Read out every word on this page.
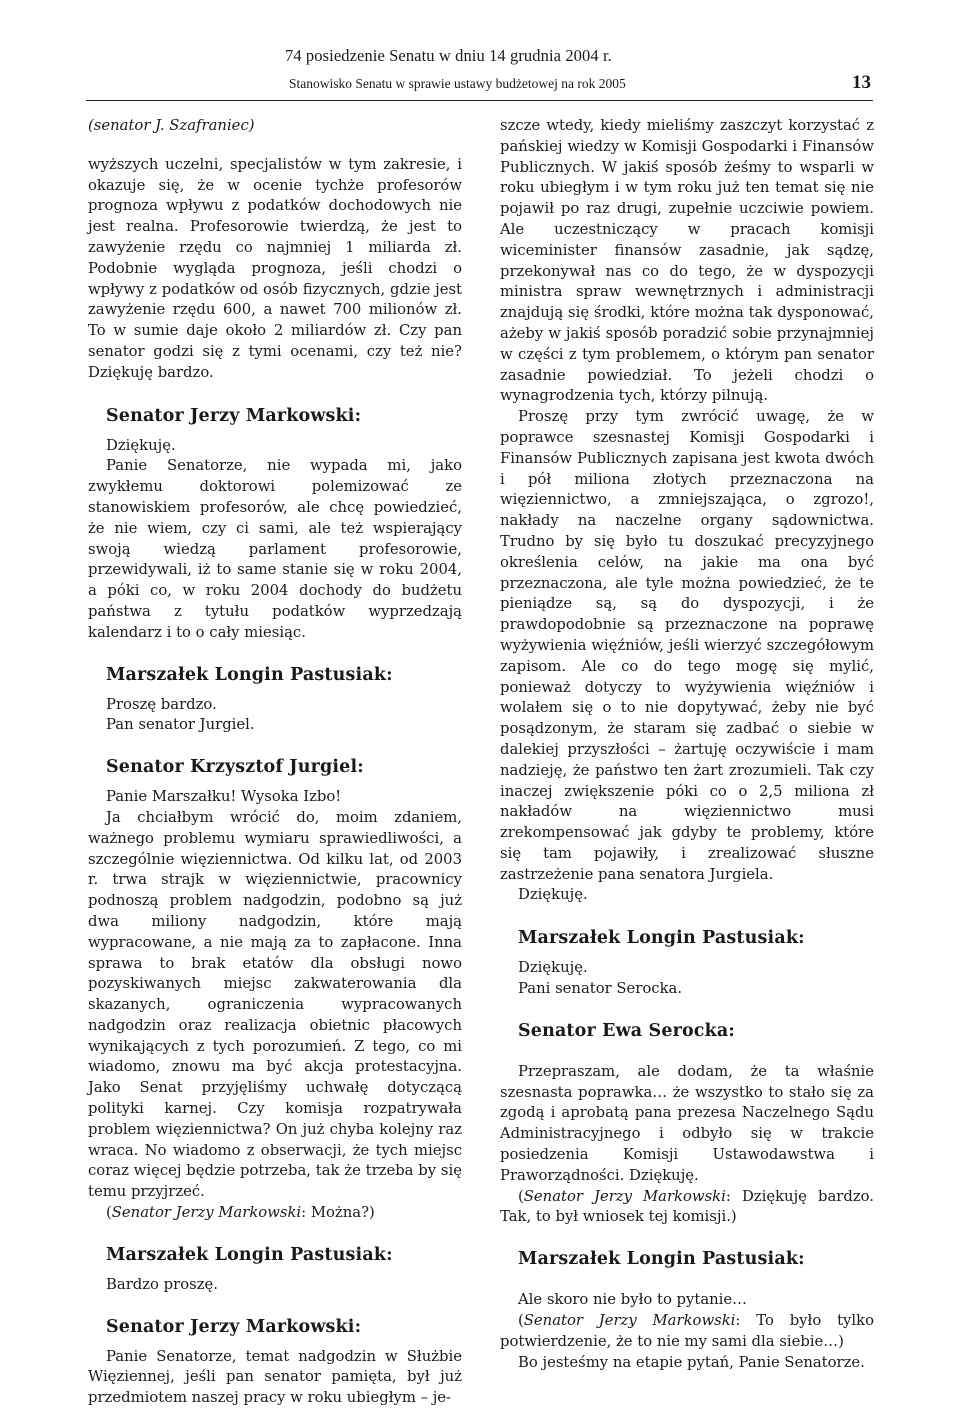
74 posiedzenie Senatu w dniu 14 grudnia 2004 r.
Stanowisko Senatu w sprawie ustawy budżetowej na rok 2005	13

(senator J. Szafraniec)

wyższych uczelni, specjalistów w tym zakresie, i okazuje się, że w ocenie tychże profesorów prognoza wpływu z podatków dochodowych nie jest realna. Profesorowie twierdzą, że jest to zawyżenie rzędu co najmniej 1 miliarda zł. Podobnie wygląda prognoza, jeśli chodzi o wpływy z podatków od osób fizycznych, gdzie jest zawyżenie rzędu 600, a nawet 700 milionów zł. To w sumie daje około 2 miliardów zł. Czy pan senator godzi się z tymi ocenami, czy też nie? Dziękuję bardzo.

Senator Jerzy Markowski:

Dziękuję.

Panie Senatorze, nie wypada mi, jako zwykłemu doktorowi polemizować ze stanowiskiem profesorów, ale chcę powiedzieć, że nie wiem, czy ci sami, ale też wspierający swoją wiedzą parlament profesorowie, przewidywali, iż to same stanie się w roku 2004, a póki co, w roku 2004 dochody do budżetu państwa z tytułu podatków wyprzedzają kalendarz i to o cały miesiąc.

Marszałek Longin Pastusiak:

Proszę bardzo.

Pan senator Jurgiel.

Senator Krzysztof Jurgiel:

Panie Marszałku! Wysoka Izbo!

Ja chciałbym wrócić do, moim zdaniem, ważnego problemu wymiaru sprawiedliwości, a szczególnie więziennictwa. Od kilku lat, od 2003 r. trwa strajk w więziennictwie, pracownicy podnoszą problem nadgodzin, podobno są już dwa miliony nadgodzin, które mają wypracowane, a nie mają za to zapłacone. Inna sprawa to brak etatów dla obsługi nowo pozyskiwanych miejsc zakwaterowania dla skazanych, ograniczenia wypracowanych nadgodzin oraz realizacja obietnic płacowych wynikających z tych porozumień. Z tego, co mi wiadomo, znowu ma być akcja protestacyjna. Jako Senat przyjęliśmy uchwałę dotyczącą polityki karnej. Czy komisja rozpatrywała problem więziennictwa? On już chyba kolejny raz wraca. No wiadomo z obserwacji, że tych miejsc coraz więcej będzie potrzeba, tak że trzeba by się temu przyjrzeć.

(Senator Jerzy Markowski: Można?)

Marszałek Longin Pastusiak:

Bardzo proszę.

Senator Jerzy Markowski:

Panie Senatorze, temat nadgodzin w Służbie Więziennej, jeśli pan senator pamięta, był już przedmiotem naszej pracy w roku ubiegłym – je-

szcze wtedy, kiedy mieliśmy zaszczyt korzystać z pańskiej wiedzy w Komisji Gospodarki i Finansów Publicznych. W jakiś sposób żeśmy to wsparli w roku ubiegłym i w tym roku już ten temat się nie pojawił po raz drugi, zupełnie uczciwie powiem. Ale uczestniczący w pracach komisji wiceminister finansów zasadnie, jak sądzę, przekonywał nas co do tego, że w dyspozycji ministra spraw wewnętrznych i administracji znajdują się środki, które można tak dysponować, ażeby w jakiś sposób poradzić sobie przynajmniej w części z tym problemem, o którym pan senator zasadnie powiedział. To jeżeli chodzi o wynagrodzenia tych, którzy pilnują.

Proszę przy tym zwrócić uwagę, że w poprawce szesnastej Komisji Gospodarki i Finansów Publicznych zapisana jest kwota dwóch i pół miliona złotych przeznaczona na więziennictwo, a zmniejszająca, o zgrozo!, nakłady na naczelne organy sądownictwa. Trudno by się było tu doszukać precyzyjnego określenia celów, na jakie ma ona być przeznaczona, ale tyle można powiedzieć, że te pieniądze są, są do dyspozycji, i że prawdopodobnie są przeznaczone na poprawę wyżywienia więźniów, jeśli wierzyć szczegółowym zapisom. Ale co do tego mogę się mylić, ponieważ dotyczy to wyżywienia więźniów i wolałem się o to nie dopytywać, żeby nie być posądzonym, że staram się zadbać o siebie w dalekiej przyszłości – żartuję oczywiście i mam nadzieję, że państwo ten żart zrozumieli. Tak czy inaczej zwiększenie póki co o 2,5 miliona zł nakładów na więziennictwo musi zrekompensować jak gdyby te problemy, które się tam pojawiły, i zrealizować słuszne zastrzeżenie pana senatora Jurgiela.

Dziękuję.

Marszałek Longin Pastusiak:

Dziękuję.

Pani senator Serocka.

Senator Ewa Serocka:

Przepraszam, ale dodam, że ta właśnie szesnasta poprawka… że wszystko to stało się za zgodą i aprobatą pana prezesa Naczelnego Sądu Administracyjnego i odbyło się w trakcie posiedzenia Komisji Ustawodawstwa i Praworządności. Dziękuję.

(Senator Jerzy Markowski: Dziękuję bardzo. Tak, to był wniosek tej komisji.)

Marszałek Longin Pastusiak:

Ale skoro nie było to pytanie…

(Senator Jerzy Markowski: To było tylko potwierdzenie, że to nie my sami dla siebie…)

Bo jesteśmy na etapie pytań, Panie Senatorze.
